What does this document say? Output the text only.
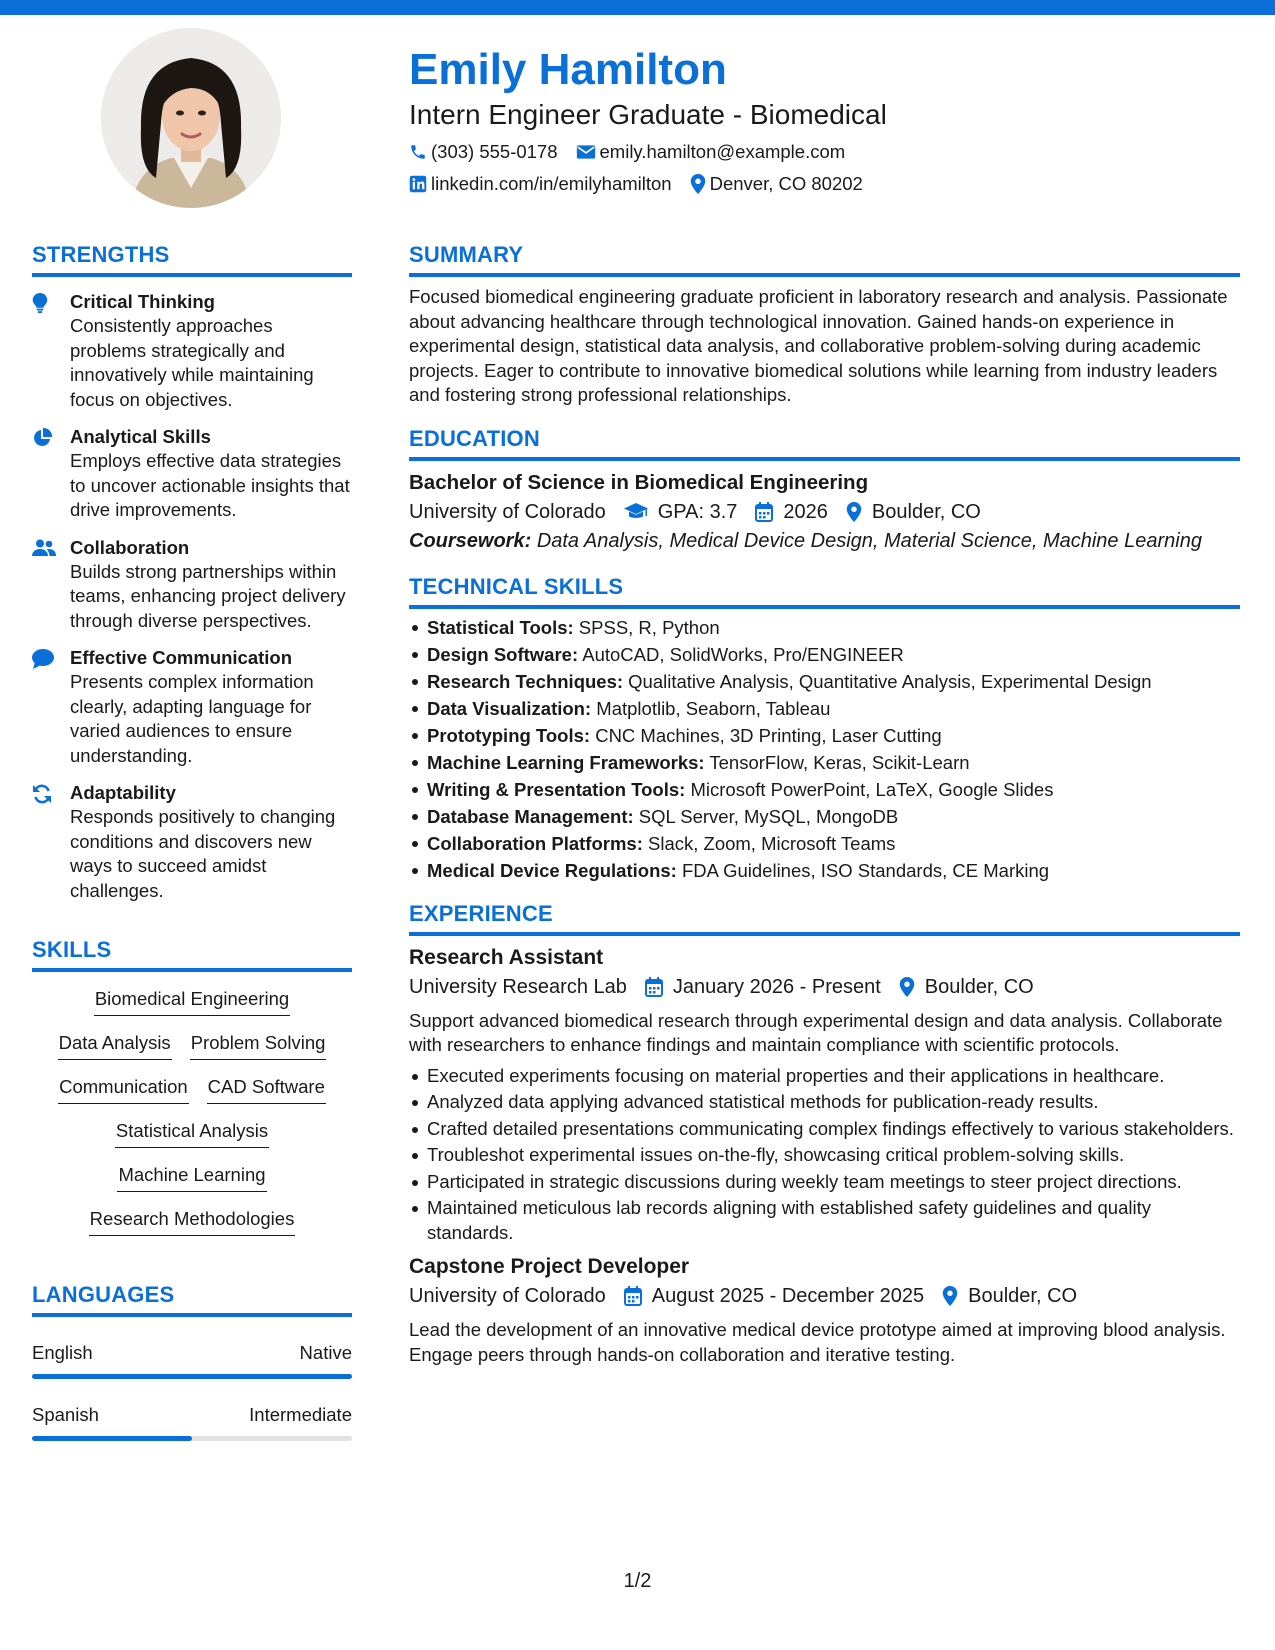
Emily Hamilton
Intern Engineer Graduate - Biomedical
(303) 555-0178 emily.hamilton@example.com
linkedin.com/in/emilyhamilton Denver, CO 80202
STRENGTHS
Critical Thinking
Consistently approaches problems strategically and innovatively while maintaining focus on objectives.
Analytical Skills
Employs effective data strategies to uncover actionable insights that drive improvements.
Collaboration
Builds strong partnerships within teams, enhancing project delivery through diverse perspectives.
Effective Communication
Presents complex information clearly, adapting language for varied audiences to ensure understanding.
Adaptability
Responds positively to changing conditions and discovers new ways to succeed amidst challenges.
SKILLS
Biomedical Engineering
Data Analysis Problem Solving
Communication CAD Software
Statistical Analysis
Machine Learning
Research Methodologies
LANGUAGES
English	Native
Spanish	Intermediate
SUMMARY
Focused biomedical engineering graduate proficient in laboratory research and analysis. Passionate about advancing healthcare through technological innovation. Gained hands-on experience in experimental design, statistical data analysis, and collaborative problem-solving during academic projects. Eager to contribute to innovative biomedical solutions while learning from industry leaders and fostering strong professional relationships.
EDUCATION
Bachelor of Science in Biomedical Engineering
University of Colorado	GPA: 3.7 2026 Boulder, CO
Coursework: Data Analysis, Medical Device Design, Material Science, Machine Learning
TECHNICAL SKILLS
Statistical Tools: SPSS, R, Python
Design Software: AutoCAD, SolidWorks, Pro/ENGINEER
Research Techniques: Qualitative Analysis, Quantitative Analysis, Experimental Design
Data Visualization: Matplotlib, Seaborn, Tableau
Prototyping Tools: CNC Machines, 3D Printing, Laser Cutting
Machine Learning Frameworks: TensorFlow, Keras, Scikit-Learn
Writing & Presentation Tools: Microsoft PowerPoint, LaTeX, Google Slides
Database Management: SQL Server, MySQL, MongoDB
Collaboration Platforms: Slack, Zoom, Microsoft Teams
Medical Device Regulations: FDA Guidelines, ISO Standards, CE Marking
EXPERIENCE
Research Assistant
University Research Lab January 2026 - Present Boulder, CO
Support advanced biomedical research through experimental design and data analysis. Collaborate with researchers to enhance findings and maintain compliance with scientific protocols.
Executed experiments focusing on material properties and their applications in healthcare.
Analyzed data applying advanced statistical methods for publication-ready results.
Crafted detailed presentations communicating complex findings effectively to various stakeholders.
Troubleshot experimental issues on-the-fly, showcasing critical problem-solving skills.
Participated in strategic discussions during weekly team meetings to steer project directions.
Maintained meticulous lab records aligning with established safety guidelines and quality standards.
Capstone Project Developer
University of Colorado August 2025 - December 2025 Boulder, CO
Lead the development of an innovative medical device prototype aimed at improving blood analysis. Engage peers through hands-on collaboration and iterative testing.
1/2
